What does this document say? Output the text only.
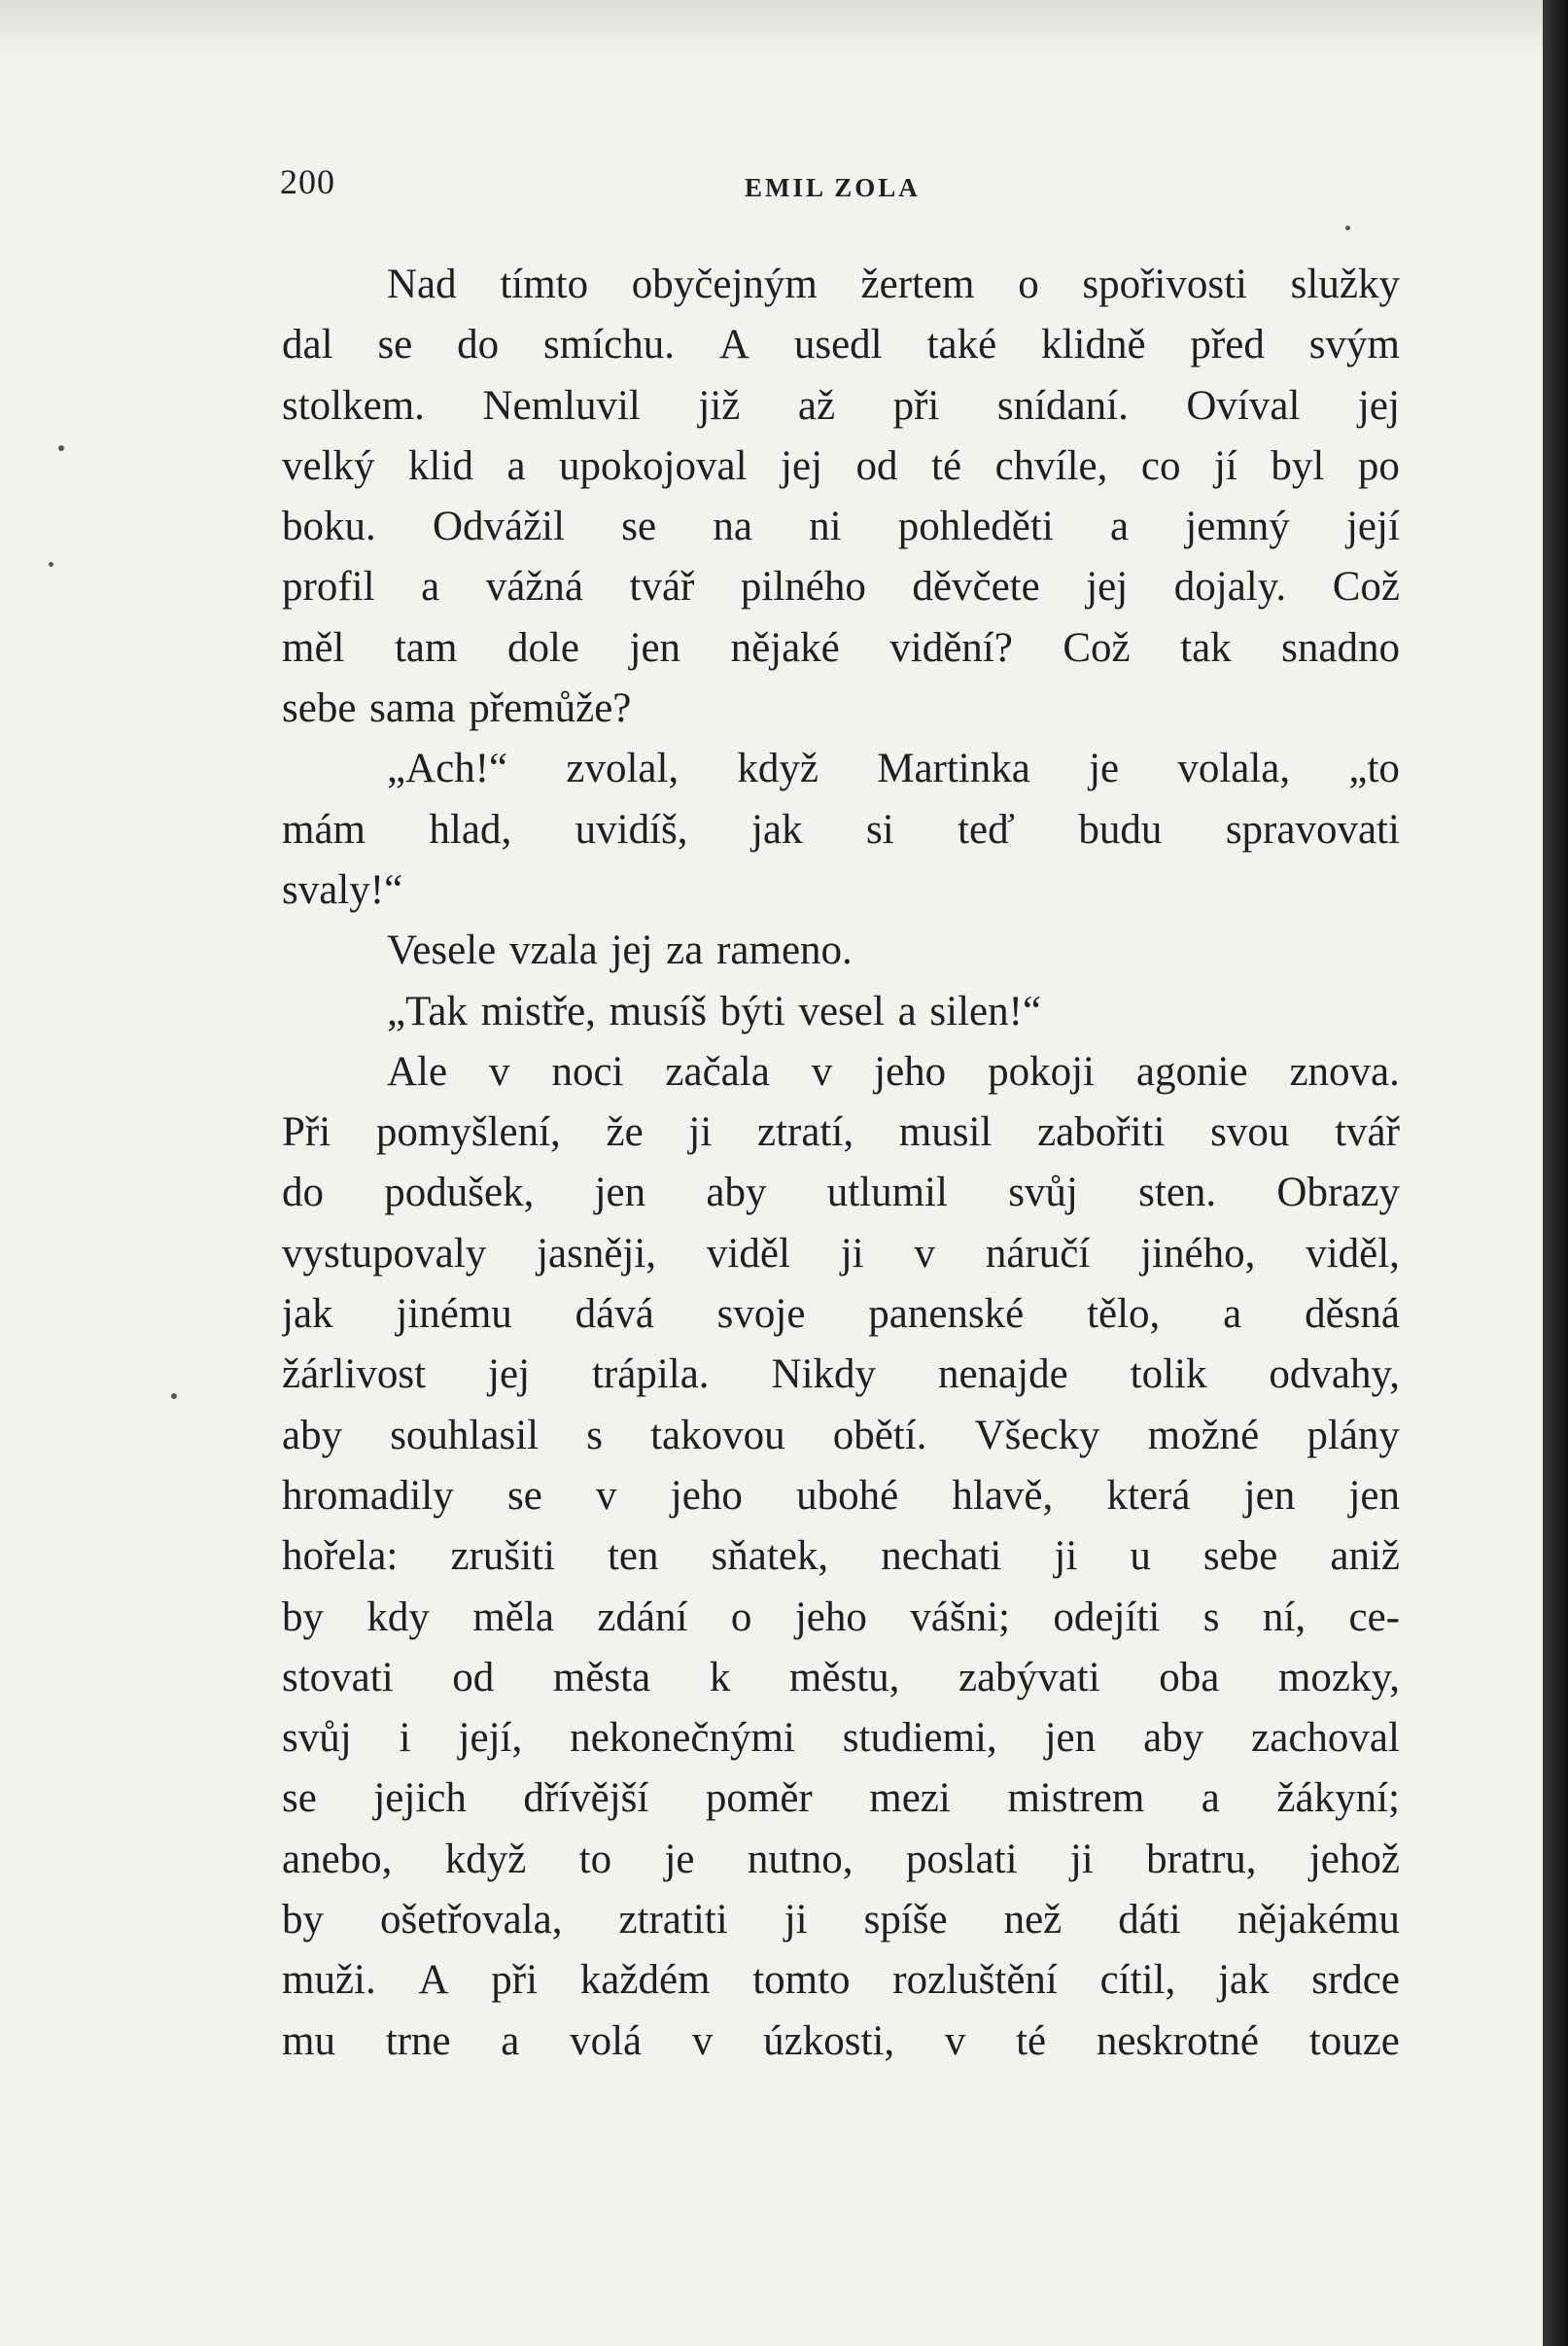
200	EMIL ZOLA
Nad tímto obyčejným žertem o spořivosti služky
dal se do smíchu. A usedl také klidně před svým
stolkem. Nemluvil již až při snídaní. Ovíval jej
velký klid a upokojoval jej od té chvíle, co jí byl po
boku. Odvážil se na ni pohleděti a jemný její
profil a vážná tvář pilného děvčete jej dojaly. Což
měl tam dole jen nějaké vidění? Což tak snadno
sebe sama přemůže?
„Ach!“ zvolal, když Martinka je volala, „to
mám hlad, uvidíš, jak si teď budu spravovati
svaly!“
Vesele vzala jej za rameno.
„Tak mistře, musíš býti vesel a silen!“
Ale v noci začala v jeho pokoji agonie znova.
Při pomyšlení, že ji ztratí, musil zabořiti svou tvář
do podušek, jen aby utlumil svůj sten. Obrazy
vystupovaly jasněji, viděl ji v náručí jiného, viděl,
jak jinému dává svoje panenské tělo, a děsná
žárlivost jej trápila. Nikdy nenajde tolik odvahy,
aby souhlasil s takovou obětí. Všecky možné plány
hromadily se v jeho ubohé hlavě, která jen jen
hořela: zrušiti ten sňatek, nechati ji u sebe aniž
by kdy měla zdání o jeho vášni; odejíti s ní, ce-
stovati od města k městu, zabývati oba mozky,
svůj i její, nekonečnými studiemi, jen aby zachoval
se jejich dřívější poměr mezi mistrem a žákyní;
anebo, když to je nutno, poslati ji bratru, jehož
by ošetřovala, ztratiti ji spíše než dáti nějakému
muži. A při každém tomto rozluštění cítil, jak srdce
mu trne a volá v úzkosti, v té neskrotné touze
